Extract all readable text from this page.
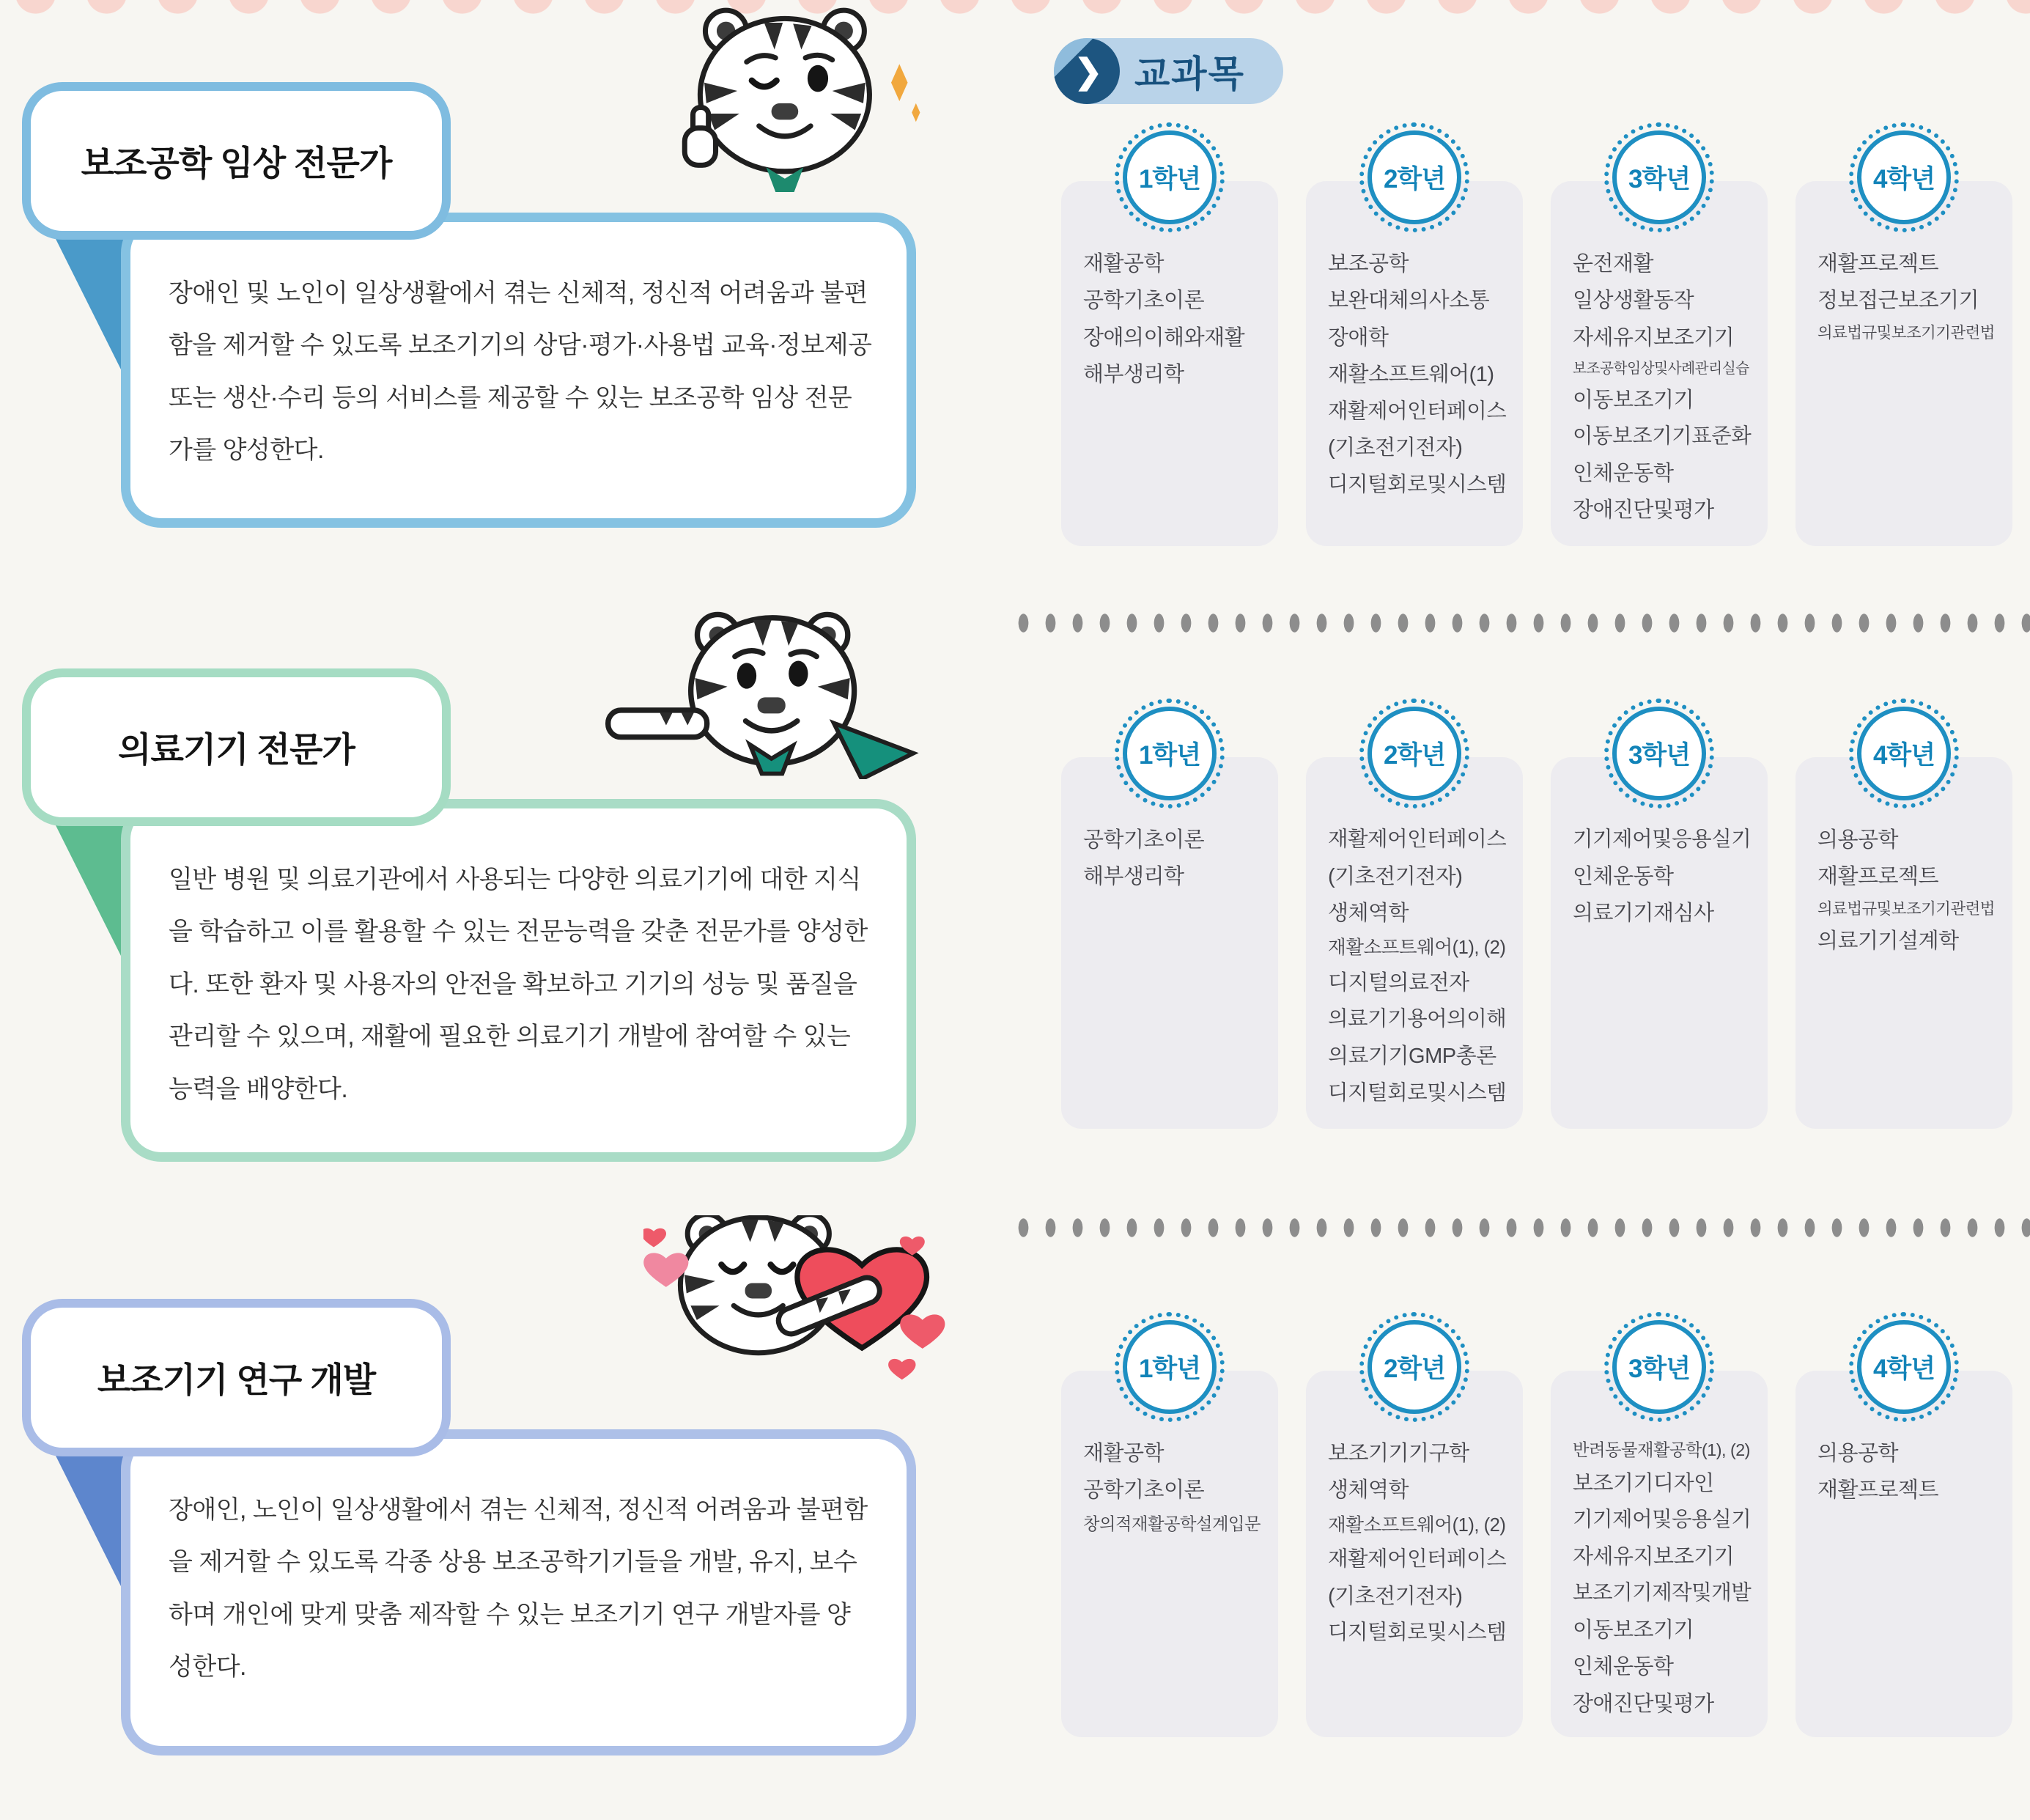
장애인 및 노인이 일상생활에서 겪는 신체적, 정신적 어려움과 불편함을 제거할 수 있도록 보조기기의 상담·평가·사용법 교육·정보제공 또는 생산·수리 등의 서비스를 제공할 수 있는 보조공학 임상 전문가를 양성한다.
보조공학 임상 전문가
일반 병원 및 의료기관에서 사용되는 다양한 의료기기에 대한 지식을 학습하고 이를 활용할 수 있는 전문능력을 갖춘 전문가를 양성한다. 또한 환자 및 사용자의 안전을 확보하고 기기의 성능 및 품질을 관리할 수 있으며, 재활에 필요한 의료기기 개발에 참여할 수 있는 능력을 배양한다.
의료기기 전문가
장애인, 노인이 일상생활에서 겪는 신체적, 정신적 어려움과 불편함을 제거할 수 있도록 각종 상용 보조공학기기들을 개발, 유지, 보수하며 개인에 맞게 맞춤 제작할 수 있는 보조기기 연구 개발자를 양성한다.
보조기기 연구 개발
❯ 교과목
1학년
재활공학
공학기초이론
장애의이해와재활
해부생리학
2학년
보조공학
보완대체의사소통
장애학
재활소프트웨어(1)
재활제어인터페이스
(기초전기전자)
디지털회로및시스템
3학년
운전재활
일상생활동작
자세유지보조기기
보조공학임상및사례관리실습
이동보조기기
이동보조기기표준화
인체운동학
장애진단및평가
4학년
재활프로젝트
정보접근보조기기
의료법규및보조기기관련법
1학년
공학기초이론
해부생리학
2학년
재활제어인터페이스
(기초전기전자)
생체역학
재활소프트웨어(1), (2)
디지털의료전자
의료기기용어의이해
의료기기GMP총론
디지털회로및시스템
3학년
기기제어및응용실기
인체운동학
의료기기재심사
4학년
의용공학
재활프로젝트
의료법규및보조기기관련법
의료기기설계학
1학년
재활공학
공학기초이론
창의적재활공학설계입문
2학년
보조기기기구학
생체역학
재활소프트웨어(1), (2)
재활제어인터페이스
(기초전기전자)
디지털회로및시스템
3학년
반려동물재활공학(1), (2)
보조기기디자인
기기제어및응용실기
자세유지보조기기
보조기기제작및개발
이동보조기기
인체운동학
장애진단및평가
4학년
의용공학
재활프로젝트
